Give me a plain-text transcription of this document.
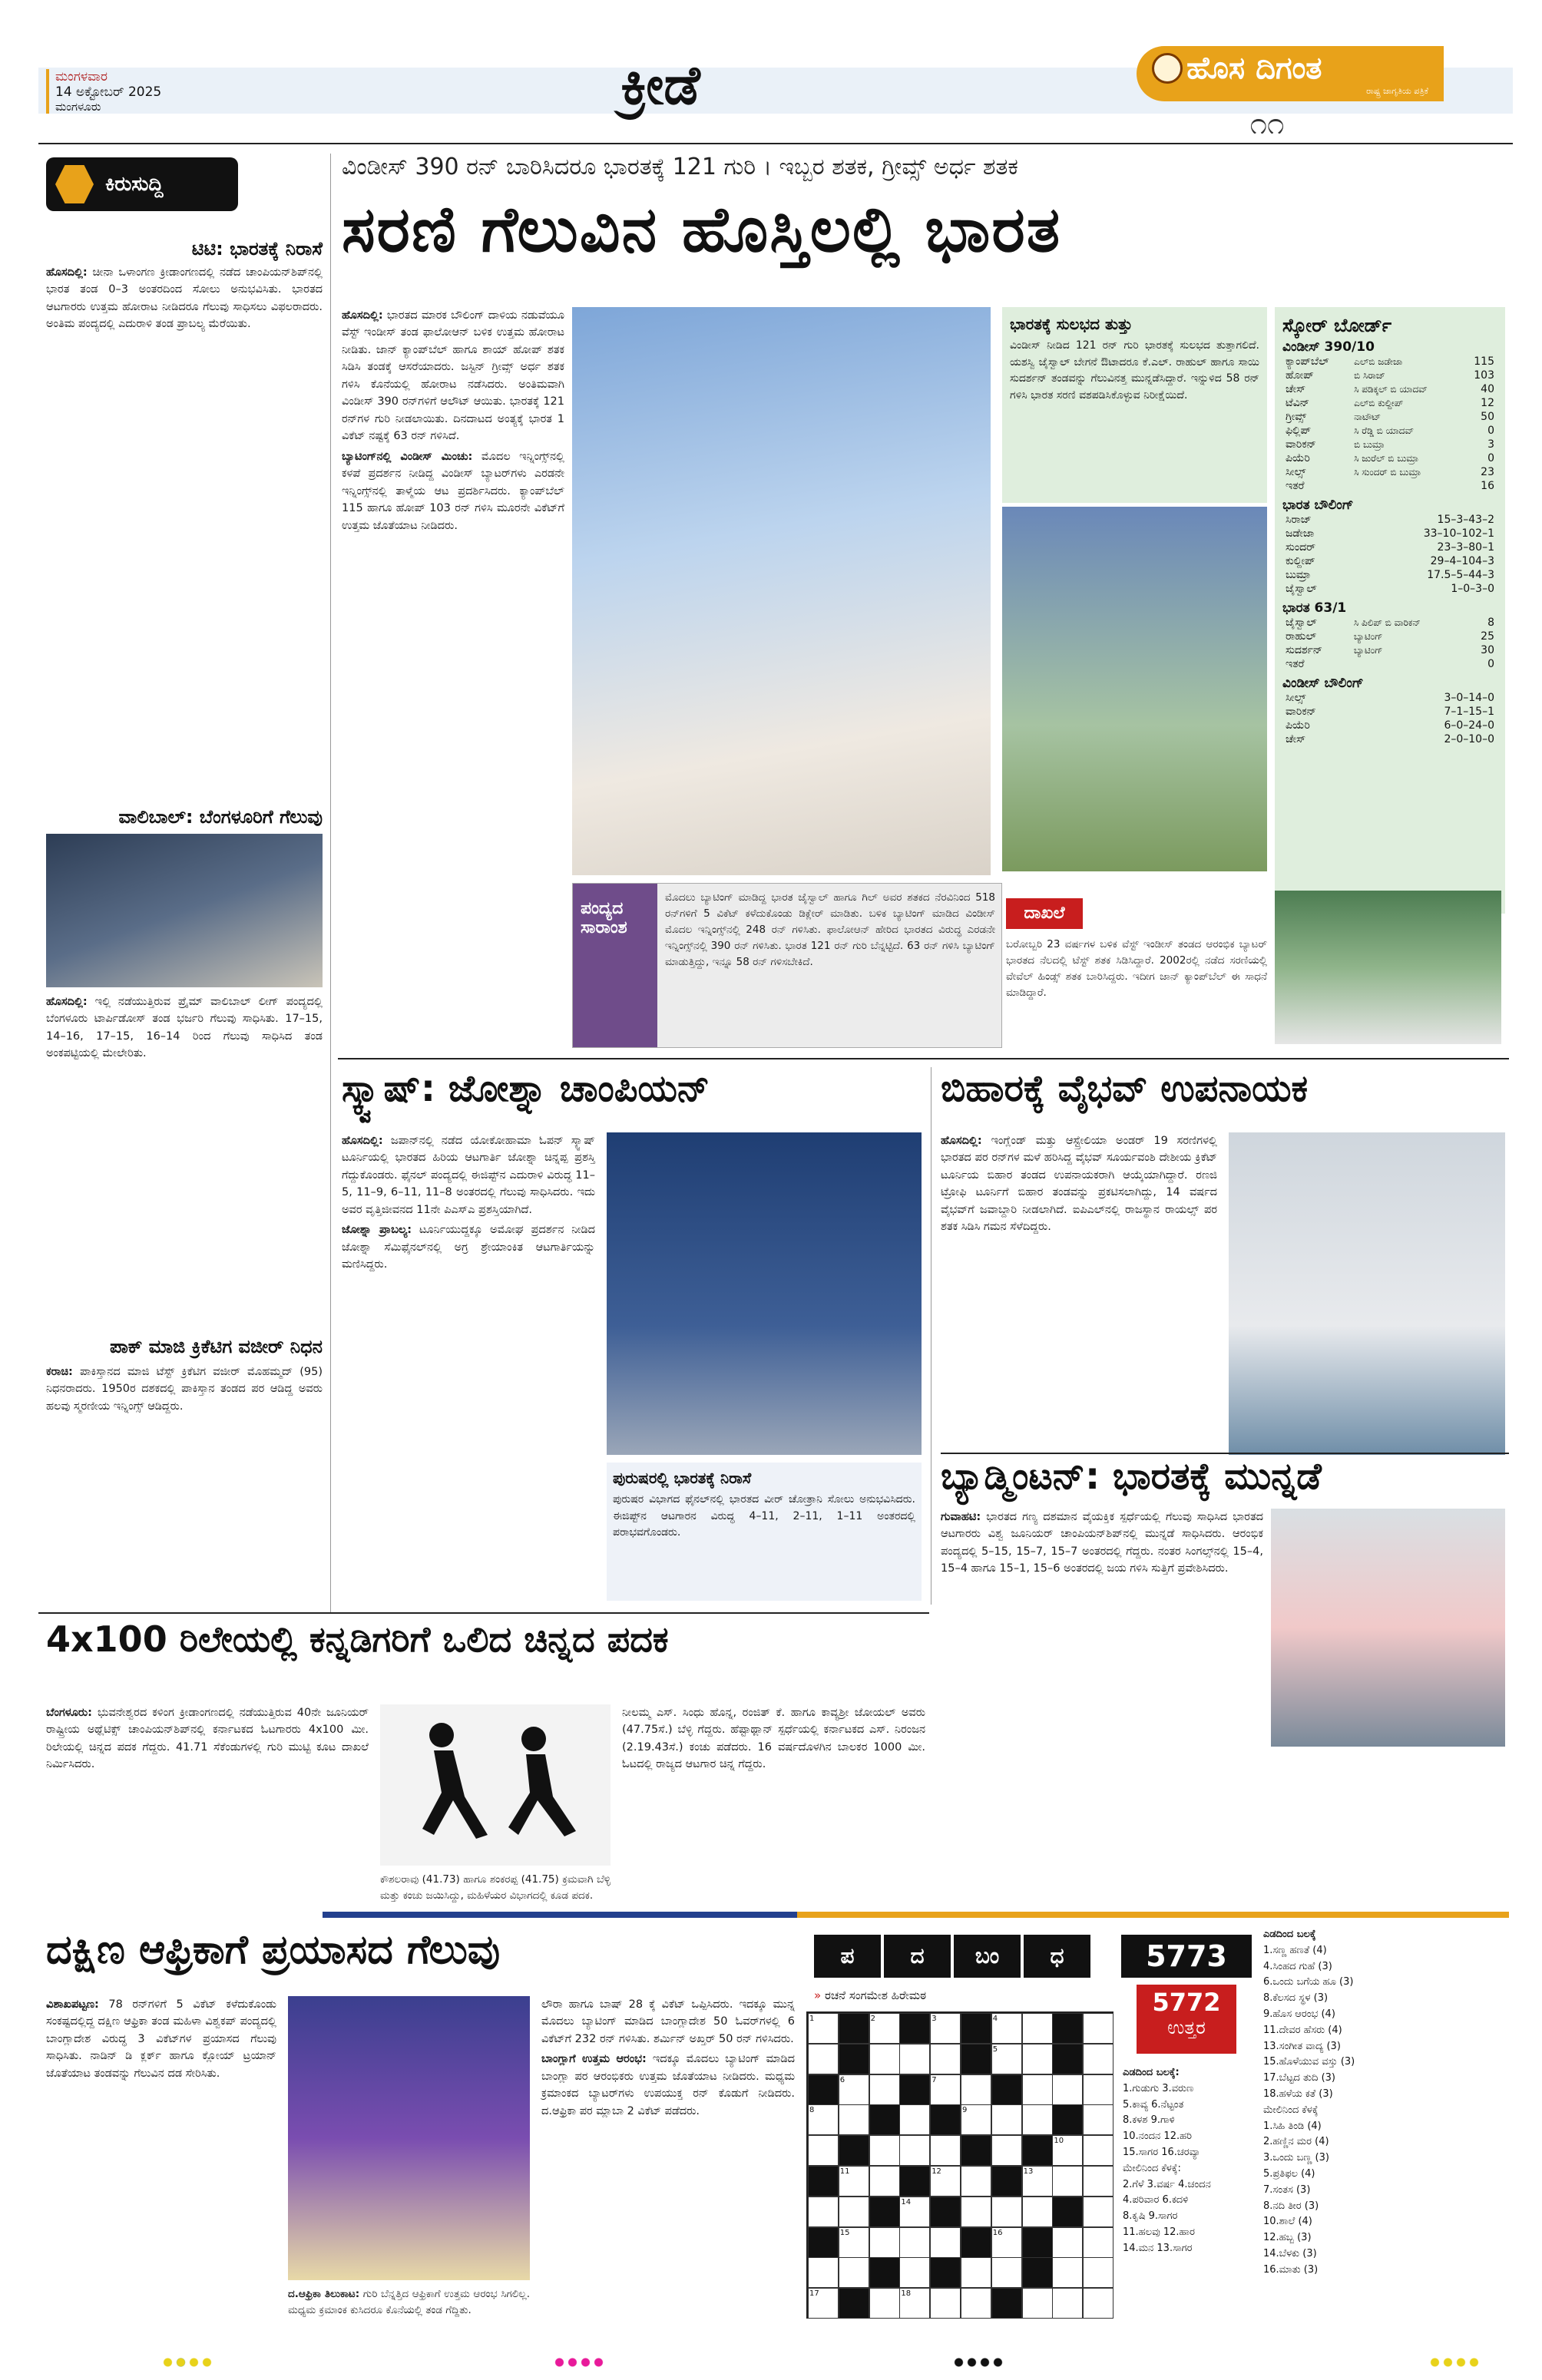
ಮಂಗಳವಾರ
14 ಅಕ್ಟೋಬರ್ 2025
ಮಂಗಳೂರು	ಕ್ರೀಡೆ	ಹೊಸ ದಿಗಂತ
ರಾಷ್ಟ್ರ ಜಾಗೃತಿಯ ಪತ್ರಿಕೆ
೧೧
ಕಿರುಸುದ್ದಿ
ಟಿಟಿ: ಭಾರತಕ್ಕೆ ನಿರಾಸೆ
ಹೊಸದಿಲ್ಲಿ: ಚೀನಾ ಒಳಾಂಗಣ ಕ್ರೀಡಾಂಗಣದಲ್ಲಿ ನಡೆದ ಚಾಂಪಿಯನ್‌ಶಿಪ್‌ನಲ್ಲಿ ಭಾರತ ತಂಡ 0–3 ಅಂತರದಿಂದ ಸೋಲು ಅನುಭವಿಸಿತು. ಭಾರತದ ಆಟಗಾರರು ಉತ್ತಮ ಹೋರಾಟ ನೀಡಿದರೂ ಗೆಲುವು ಸಾಧಿಸಲು ವಿಫಲರಾದರು. ಅಂತಿಮ ಪಂದ್ಯದಲ್ಲಿ ಎದುರಾಳಿ ತಂಡ ಪ್ರಾಬಲ್ಯ ಮೆರೆಯಿತು.
ವಾಲಿಬಾಲ್: ಬೆಂಗಳೂರಿಗೆ ಗೆಲುವು
ಹೊಸದಿಲ್ಲಿ: ಇಲ್ಲಿ ನಡೆಯುತ್ತಿರುವ ಪ್ರೈಮ್ ವಾಲಿಬಾಲ್ ಲೀಗ್ ಪಂದ್ಯದಲ್ಲಿ ಬೆಂಗಳೂರು ಟಾರ್ಪಿಡೋಸ್ ತಂಡ ಭರ್ಜರಿ ಗೆಲುವು ಸಾಧಿಸಿತು. 17–15, 14–16, 17–15, 16–14 ರಿಂದ ಗೆಲುವು ಸಾಧಿಸಿದ ತಂಡ ಅಂಕಪಟ್ಟಿಯಲ್ಲಿ ಮೇಲೇರಿತು.
ಪಾಕ್ ಮಾಜಿ ಕ್ರಿಕೆಟಿಗ ವಜೀರ್ ನಿಧನ
ಕರಾಚಿ: ಪಾಕಿಸ್ತಾನದ ಮಾಜಿ ಟೆಸ್ಟ್ ಕ್ರಿಕೆಟಿಗ ವಜೀರ್ ಮೊಹಮ್ಮದ್ (95) ನಿಧನರಾದರು. 1950ರ ದಶಕದಲ್ಲಿ ಪಾಕಿಸ್ತಾನ ತಂಡದ ಪರ ಆಡಿದ್ದ ಅವರು ಹಲವು ಸ್ಮರಣೀಯ ಇನ್ನಿಂಗ್ಸ್ ಆಡಿದ್ದರು.
ವಿಂಡೀಸ್ 390 ರನ್ ಬಾರಿಸಿದರೂ ಭಾರತಕ್ಕೆ 121 ಗುರಿ । ಇಬ್ಬರ ಶತಕ, ಗ್ರೀವ್ಸ್ ಅರ್ಧ ಶತಕ
ಸರಣಿ ಗೆಲುವಿನ ಹೊಸ್ತಿಲಲ್ಲಿ ಭಾರತ

ಹೊಸದಿಲ್ಲಿ: ಭಾರತದ ಮಾರಕ ಬೌಲಿಂಗ್ ದಾಳಿಯ ನಡುವೆಯೂ ವೆಸ್ಟ್ ಇಂಡೀಸ್ ತಂಡ ಫಾಲೋಆನ್ ಬಳಿಕ ಉತ್ತಮ ಹೋರಾಟ ನೀಡಿತು. ಜಾನ್ ಕ್ಯಾಂಪ್‌ಬೆಲ್ ಹಾಗೂ ಶಾಯ್ ಹೋಪ್ ಶತಕ ಸಿಡಿಸಿ ತಂಡಕ್ಕೆ ಆಸರೆಯಾದರು. ಜಸ್ಟಿನ್ ಗ್ರೀವ್ಸ್ ಅರ್ಧ ಶತಕ ಗಳಿಸಿ ಕೊನೆಯಲ್ಲಿ ಹೋರಾಟ ನಡೆಸಿದರು. ಅಂತಿಮವಾಗಿ ವಿಂಡೀಸ್ 390 ರನ್‌ಗಳಿಗೆ ಆಲೌಟ್ ಆಯಿತು. ಭಾರತಕ್ಕೆ 121 ರನ್‌ಗಳ ಗುರಿ ನೀಡಲಾಯಿತು. ದಿನದಾಟದ ಅಂತ್ಯಕ್ಕೆ ಭಾರತ 1 ವಿಕೆಟ್ ನಷ್ಟಕ್ಕೆ 63 ರನ್ ಗಳಿಸಿದೆ.

ಬ್ಯಾಟಿಂಗ್‌ನಲ್ಲಿ ವಿಂಡೀಸ್ ಮಿಂಚು: ಮೊದಲ ಇನ್ನಿಂಗ್ಸ್‌ನಲ್ಲಿ ಕಳಪೆ ಪ್ರದರ್ಶನ ನೀಡಿದ್ದ ವಿಂಡೀಸ್ ಬ್ಯಾಟರ್‌ಗಳು ಎರಡನೇ ಇನ್ನಿಂಗ್ಸ್‌ನಲ್ಲಿ ತಾಳ್ಮೆಯ ಆಟ ಪ್ರದರ್ಶಿಸಿದರು. ಕ್ಯಾಂಪ್‌ಬೆಲ್ 115 ಹಾಗೂ ಹೋಪ್ 103 ರನ್ ಗಳಿಸಿ ಮೂರನೇ ವಿಕೆಟ್‌ಗೆ ಉತ್ತಮ ಜೊತೆಯಾಟ ನೀಡಿದರು.

ಭಾರತಕ್ಕೆ ಸುಲಭದ ತುತ್ತು
ವಿಂಡೀಸ್ ನೀಡಿದ 121 ರನ್ ಗುರಿ ಭಾರತಕ್ಕೆ ಸುಲಭದ ತುತ್ತಾಗಲಿದೆ. ಯಶಸ್ವಿ ಜೈಸ್ವಾಲ್ ಬೇಗನೆ ಔಟಾದರೂ ಕೆ.ಎಲ್. ರಾಹುಲ್ ಹಾಗೂ ಸಾಯಿ ಸುದರ್ಶನ್ ತಂಡವನ್ನು ಗೆಲುವಿನತ್ತ ಮುನ್ನಡೆಸಿದ್ದಾರೆ. ಇನ್ನುಳಿದ 58 ರನ್ ಗಳಿಸಿ ಭಾರತ ಸರಣಿ ವಶಪಡಿಸಿಕೊಳ್ಳುವ ನಿರೀಕ್ಷೆಯಿದೆ.
ಸ್ಕೋರ್ ಬೋರ್ಡ್
ವಿಂಡೀಸ್ 390/10
ಕ್ಯಾಂಪ್‌ಬೆಲ್	ಎಲ್‌ಬಿ ಜಡೇಜಾ	115
ಹೋಪ್	ಬಿ ಸಿರಾಜ್	103
ಚೇಸ್	ಸಿ ಪಡಿಕ್ಕಲ್ ಬಿ ಯಾದವ್	40
ಟೆವಿನ್	ಎಲ್‌ಬಿ ಕುಲ್ದೀಪ್	12
ಗ್ರೀವ್ಸ್	ನಾಟೌಟ್	50
ಫಿಲ್ಲಿಪ್	ಸಿ ರೆಡ್ಡಿ ಬಿ ಯಾದವ್	0
ವಾರಿಕನ್	ಬಿ ಬುಮ್ರಾ	3
ಪಿಯೆರಿ	ಸಿ ಜುರೆಲ್ ಬಿ ಬುಮ್ರಾ	0
ಸೀಲ್ಸ್	ಸಿ ಸುಂದರ್ ಬಿ ಬುಮ್ರಾ	23
ಇತರೆ		16
ಭಾರತ ಬೌಲಿಂಗ್
ಸಿರಾಜ್	15–3–43–2
ಜಡೇಜಾ	33–10–102–1
ಸುಂದರ್	23–3–80–1
ಕುಲ್ದೀಪ್	29–4–104–3
ಬುಮ್ರಾ	17.5–5–44–3
ಜೈಸ್ವಾಲ್	1–0–3–0
ಭಾರತ 63/1
ಜೈಸ್ವಾಲ್	ಸಿ ಪಿಲಿಪ್ ಬಿ ವಾರಿಕನ್	8
ರಾಹುಲ್	ಬ್ಯಾಟಿಂಗ್	25
ಸುದರ್ಶನ್	ಬ್ಯಾಟಿಂಗ್	30
ಇತರೆ		0
ವಿಂಡೀಸ್ ಬೌಲಿಂಗ್
ಸೀಲ್ಸ್	3–0–14–0
ವಾರಿಕನ್	7–1–15–1
ಪಿಯೆರಿ	6–0–24–0
ಚೇಸ್	2–0–10–0
ಪಂದ್ಯದ
ಸಾರಾಂಶ
ಮೊದಲು ಬ್ಯಾಟಿಂಗ್ ಮಾಡಿದ್ದ ಭಾರತ ಜೈಸ್ವಾಲ್ ಹಾಗೂ ಗಿಲ್ ಅವರ ಶತಕದ ನೆರವಿನಿಂದ 518 ರನ್‌ಗಳಿಗೆ 5 ವಿಕೆಟ್ ಕಳೆದುಕೊಂಡು ಡಿಕ್ಲೇರ್ ಮಾಡಿತು. ಬಳಿಕ ಬ್ಯಾಟಿಂಗ್ ಮಾಡಿದ ವಿಂಡೀಸ್ ಮೊದಲ ಇನ್ನಿಂಗ್ಸ್‌ನಲ್ಲಿ 248 ರನ್ ಗಳಿಸಿತು. ಫಾಲೋಆನ್ ಹೇರಿದ ಭಾರತದ ವಿರುದ್ಧ ಎರಡನೇ ಇನ್ನಿಂಗ್ಸ್‌ನಲ್ಲಿ 390 ರನ್ ಗಳಿಸಿತು. ಭಾರತ 121 ರನ್ ಗುರಿ ಬೆನ್ನಟ್ಟಿದೆ. 63 ರನ್ ಗಳಿಸಿ ಬ್ಯಾಟಿಂಗ್ ಮಾಡುತ್ತಿದ್ದು, ಇನ್ನೂ 58 ರನ್ ಗಳಿಸಬೇಕಿದೆ.
ದಾಖಲೆ
ಬರೋಬ್ಬರಿ 23 ವರ್ಷಗಳ ಬಳಿಕ ವೆಸ್ಟ್ ಇಂಡೀಸ್ ತಂಡದ ಆರಂಭಿಕ ಬ್ಯಾಟರ್ ಭಾರತದ ನೆಲದಲ್ಲಿ ಟೆಸ್ಟ್ ಶತಕ ಸಿಡಿಸಿದ್ದಾರೆ. 2002ರಲ್ಲಿ ನಡೆದ ಸರಣಿಯಲ್ಲಿ ವೇವೆಲ್ ಹಿಂಡ್ಸ್ ಶತಕ ಬಾರಿಸಿದ್ದರು. ಇದೀಗ ಜಾನ್ ಕ್ಯಾಂಪ್‌ಬೆಲ್ ಈ ಸಾಧನೆ ಮಾಡಿದ್ದಾರೆ.
ಸ್ಕ್ವಾಷ್: ಜೋಶ್ನಾ ಚಾಂಪಿಯನ್

ಹೊಸದಿಲ್ಲಿ: ಜಪಾನ್‌ನಲ್ಲಿ ನಡೆದ ಯೋಕೋಹಾಮಾ ಓಪನ್ ಸ್ಕ್ವಾಷ್ ಟೂರ್ನಿಯಲ್ಲಿ ಭಾರತದ ಹಿರಿಯ ಆಟಗಾರ್ತಿ ಜೋಶ್ನಾ ಚಿನ್ನಪ್ಪ ಪ್ರಶಸ್ತಿ ಗೆದ್ದುಕೊಂಡರು. ಫೈನಲ್ ಪಂದ್ಯದಲ್ಲಿ ಈಜಿಪ್ಟ್‌ನ ಎದುರಾಳಿ ವಿರುದ್ಧ 11–5, 11–9, 6–11, 11–8 ಅಂತರದಲ್ಲಿ ಗೆಲುವು ಸಾಧಿಸಿದರು. ಇದು ಅವರ ವೃತ್ತಿಜೀವನದ 11ನೇ ಪಿಎಸ್‌ಎ ಪ್ರಶಸ್ತಿಯಾಗಿದೆ.

ಜೋಶ್ನಾ ಪ್ರಾಬಲ್ಯ: ಟೂರ್ನಿಯುದ್ದಕ್ಕೂ ಅಮೋಘ ಪ್ರದರ್ಶನ ನೀಡಿದ ಜೋಶ್ನಾ ಸೆಮಿಫೈನಲ್‌ನಲ್ಲಿ ಅಗ್ರ ಶ್ರೇಯಾಂಕಿತ ಆಟಗಾರ್ತಿಯನ್ನು ಮಣಿಸಿದ್ದರು.

ಪುರುಷರಲ್ಲಿ ಭಾರತಕ್ಕೆ ನಿರಾಸೆ
ಪುರುಷರ ವಿಭಾಗದ ಫೈನಲ್‌ನಲ್ಲಿ ಭಾರತದ ವೀರ್ ಚೋತ್ರಾನಿ ಸೋಲು ಅನುಭವಿಸಿದರು. ಈಜಿಪ್ಟ್‌ನ ಆಟಗಾರನ ವಿರುದ್ಧ 4–11, 2–11, 1–11 ಅಂತರದಲ್ಲಿ ಪರಾಭವಗೊಂಡರು.
ಬಿಹಾರಕ್ಕೆ ವೈಭವ್ ಉಪನಾಯಕ
ಹೊಸದಿಲ್ಲಿ: ಇಂಗ್ಲೆಂಡ್ ಮತ್ತು ಆಸ್ಟ್ರೇಲಿಯಾ ಅಂಡರ್ 19 ಸರಣಿಗಳಲ್ಲಿ ಭಾರತದ ಪರ ರನ್‌ಗಳ ಮಳೆ ಹರಿಸಿದ್ದ ವೈಭವ್ ಸೂರ್ಯವಂಶಿ ದೇಶೀಯ ಕ್ರಿಕೆಟ್ ಟೂರ್ನಿಯ ಬಿಹಾರ ತಂಡದ ಉಪನಾಯಕರಾಗಿ ಆಯ್ಕೆಯಾಗಿದ್ದಾರೆ. ರಣಜಿ ಟ್ರೋಫಿ ಟೂರ್ನಿಗೆ ಬಿಹಾರ ತಂಡವನ್ನು ಪ್ರಕಟಿಸಲಾಗಿದ್ದು, 14 ವರ್ಷದ ವೈಭವ್‌ಗೆ ಜವಾಬ್ದಾರಿ ನೀಡಲಾಗಿದೆ. ಐಪಿಎಲ್‌ನಲ್ಲಿ ರಾಜಸ್ಥಾನ ರಾಯಲ್ಸ್ ಪರ ಶತಕ ಸಿಡಿಸಿ ಗಮನ ಸೆಳೆದಿದ್ದರು.
ಬ್ಯಾಡ್ಮಿಂಟನ್: ಭಾರತಕ್ಕೆ ಮುನ್ನಡೆ
ಗುವಾಹಟಿ: ಭಾರತದ ಗಣ್ಯ ದಶಮಾನ ವೈಯಕ್ತಿಕ ಸ್ಪರ್ಧೆಯಲ್ಲಿ ಗೆಲುವು ಸಾಧಿಸಿದ ಭಾರತದ ಆಟಗಾರರು ವಿಶ್ವ ಜೂನಿಯರ್ ಚಾಂಪಿಯನ್‌ಶಿಪ್‌ನಲ್ಲಿ ಮುನ್ನಡೆ ಸಾಧಿಸಿದರು. ಆರಂಭಿಕ ಪಂದ್ಯದಲ್ಲಿ 5–15, 15–7, 15–7 ಅಂತರದಲ್ಲಿ ಗೆದ್ದರು. ನಂತರ ಸಿಂಗಲ್ಸ್‌ನಲ್ಲಿ 15–4, 15–4 ಹಾಗೂ 15–1, 15–6 ಅಂತರದಲ್ಲಿ ಜಯ ಗಳಿಸಿ ಸುತ್ತಿಗೆ ಪ್ರವೇಶಿಸಿದರು.
4x100 ರಿಲೇಯಲ್ಲಿ ಕನ್ನಡಿಗರಿಗೆ ಒಲಿದ ಚಿನ್ನದ ಪದಕ
ಬೆಂಗಳೂರು: ಭುವನೇಶ್ವರದ ಕಳಿಂಗ ಕ್ರೀಡಾಂಗಣದಲ್ಲಿ ನಡೆಯುತ್ತಿರುವ 40ನೇ ಜೂನಿಯರ್ ರಾಷ್ಟ್ರೀಯ ಅಥ್ಲೆಟಿಕ್ಸ್ ಚಾಂಪಿಯನ್‌ಶಿಪ್‌ನಲ್ಲಿ ಕರ್ನಾಟಕದ ಓಟಗಾರರು 4x100 ಮೀ. ರಿಲೇಯಲ್ಲಿ ಚಿನ್ನದ ಪದಕ ಗೆದ್ದರು. 41.71 ಸೆಕೆಂಡುಗಳಲ್ಲಿ ಗುರಿ ಮುಟ್ಟಿ ಕೂಟ ದಾಖಲೆ ನಿರ್ಮಿಸಿದರು.
ಕೌಶಲರಾವು (41.73) ಹಾಗೂ ಶಂಕರಪ್ಪ (41.75) ಕ್ರಮವಾಗಿ ಬೆಳ್ಳಿ ಮತ್ತು ಕಂಚು ಜಯಿಸಿದ್ದು, ಮಹಿಳೆಯರ ವಿಭಾಗದಲ್ಲಿ ಕೂಡ ಪದಕ.
ನೀಲಮ್ಮ ಎಸ್. ಸಿಂಧು ಹೊನ್ನ, ರಂಜಿತ್ ಕೆ. ಹಾಗೂ ಕಾವ್ಯಶ್ರೀ ಜೋಯಲ್ ಅವರು (47.75ಸೆ.) ಬೆಳ್ಳಿ ಗೆದ್ದರು. ಹೆಪ್ಟಾಥ್ಲಾನ್ ಸ್ಪರ್ಧೆಯಲ್ಲಿ ಕರ್ನಾಟಕದ ಎಸ್. ನಿರಂಜನ (2.19.43ಸೆ.) ಕಂಚು ಪಡೆದರು. 16 ವರ್ಷದೊಳಗಿನ ಬಾಲಕರ 1000 ಮೀ. ಓಟದಲ್ಲಿ ರಾಜ್ಯದ ಆಟಗಾರ ಚಿನ್ನ ಗೆದ್ದರು.
ದಕ್ಷಿಣ ಆಫ್ರಿಕಾಗೆ ಪ್ರಯಾಸದ ಗೆಲುವು
ವಿಶಾಖಪಟ್ಟಣ: 78 ರನ್‌ಗಳಿಗೆ 5 ವಿಕೆಟ್ ಕಳೆದುಕೊಂಡು ಸಂಕಷ್ಟದಲ್ಲಿದ್ದ ದಕ್ಷಿಣ ಆಫ್ರಿಕಾ ತಂಡ ಮಹಿಳಾ ವಿಶ್ವಕಪ್ ಪಂದ್ಯದಲ್ಲಿ ಬಾಂಗ್ಲಾದೇಶ ವಿರುದ್ಧ 3 ವಿಕೆಟ್‌ಗಳ ಪ್ರಯಾಸದ ಗೆಲುವು ಸಾಧಿಸಿತು. ನಾಡಿನ್ ಡಿ ಕ್ಲರ್ಕ್ ಹಾಗೂ ಕ್ಲೋಯ್ ಟ್ರಯಾನ್ ಜೊತೆಯಾಟ ತಂಡವನ್ನು ಗೆಲುವಿನ ದಡ ಸೇರಿಸಿತು.
ದ.ಆಫ್ರಿಕಾ ತಿಲುಕಾಟ: ಗುರಿ ಬೆನ್ನತ್ತಿದ ಆಫ್ರಿಕಾಗೆ ಉತ್ತಮ ಆರಂಭ ಸಿಗಲಿಲ್ಲ. ಮಧ್ಯಮ ಕ್ರಮಾಂಕ ಕುಸಿದರೂ ಕೊನೆಯಲ್ಲಿ ತಂಡ ಗೆದ್ದಿತು.

ಲೌರಾ ಹಾಗೂ ಬಾಷ್ 28 ಕ್ಕೆ ವಿಕೆಟ್ ಒಪ್ಪಿಸಿದರು. ಇದಕ್ಕೂ ಮುನ್ನ ಮೊದಲು ಬ್ಯಾಟಿಂಗ್ ಮಾಡಿದ ಬಾಂಗ್ಲಾದೇಶ 50 ಓವರ್‌ಗಳಲ್ಲಿ 6 ವಿಕೆಟ್‌ಗೆ 232 ರನ್ ಗಳಿಸಿತು. ಶರ್ಮಿನ್ ಅಖ್ತರ್ 50 ರನ್ ಗಳಿಸಿದರು.

ಬಾಂಗ್ಲಾಗೆ ಉತ್ತಮ ಆರಂಭ: ಇದಕ್ಕೂ ಮೊದಲು ಬ್ಯಾಟಿಂಗ್ ಮಾಡಿದ ಬಾಂಗ್ಲಾ ಪರ ಆರಂಭಿಕರು ಉತ್ತಮ ಜೊತೆಯಾಟ ನೀಡಿದರು. ಮಧ್ಯಮ ಕ್ರಮಾಂಕದ ಬ್ಯಾಟರ್‌ಗಳು ಉಪಯುಕ್ತ ರನ್ ಕೊಡುಗೆ ನೀಡಿದರು. ದ.ಆಫ್ರಿಕಾ ಪರ ಮ್ಲಾಬಾ 2 ವಿಕೆಟ್ ಪಡೆದರು.

ಪ	ದ	ಬಂ	ಧ
» ರಚನೆ ಸಂಗಮೇಶ ಹಿರೇಮಠ
1	2	3	4
5
6	7
8	9
10
11	12	13
14
15	16
17	18
5773
5772
ಉತ್ತರ
ಎಡದಿಂದ ಬಲಕ್ಕೆ:
1.ಗುಡುಗು 3.ವರುಣ
5.ಕಾವ್ಯ 6.ನೆಟ್ಟಂತ
8.ಕಳಶ 9.ಗಾಳಿ
10.ನಂದನ 12.ಹರಿ
15.ಸಾಗರ 16.ಚರವ್ಯಾ
ಮೇಲಿನಿಂದ ಕೆಳಕ್ಕೆ:
2.ಗೆಳೆ 3.ವರ್ಷ 4.ಚಂದನ
4.ಪರಿವಾರ 6.ಕದಳಿ
8.ಕೃಷಿ 9.ಸಾಗರ
11.ಹಲವು 12.ಹಾರ
14.ಮನ 13.ಸಾಗರ
ಎಡದಿಂದ ಬಲಕ್ಕೆ
1.ಸಣ್ಣ ಹಣತೆ (4)
4.ಸಿಂಹದ ಗುಹೆ (3)
6.ಒಂದು ಬಗೆಯ ಹೂ (3)
8.ಕೆಲಸದ ಸ್ಥಳ (3)
9.ಹೊಸ ಆರಂಭ (4)
11.ದೇವರ ಹೆಸರು (4)
13.ಸಂಗೀತ ವಾದ್ಯ (3)
15.ಹೊಳೆಯುವ ವಸ್ತು (3)
17.ಬೆಟ್ಟದ ತುದಿ (3)
18.ಹಳೆಯ ಕತೆ (3)
ಮೇಲಿನಿಂದ ಕೆಳಕ್ಕೆ
1.ಸಿಹಿ ತಿಂಡಿ (4)
2.ಹಣ್ಣಿನ ಮರ (4)
3.ಒಂದು ಬಣ್ಣ (3)
5.ಪ್ರತಿಫಲ (4)
7.ಸಂತಸ (3)
8.ನದಿ ತೀರ (3)
10.ಶಾಲೆ (4)
12.ಹಬ್ಬ (3)
14.ಬೆಳಕು (3)
16.ಮಾತು (3)
